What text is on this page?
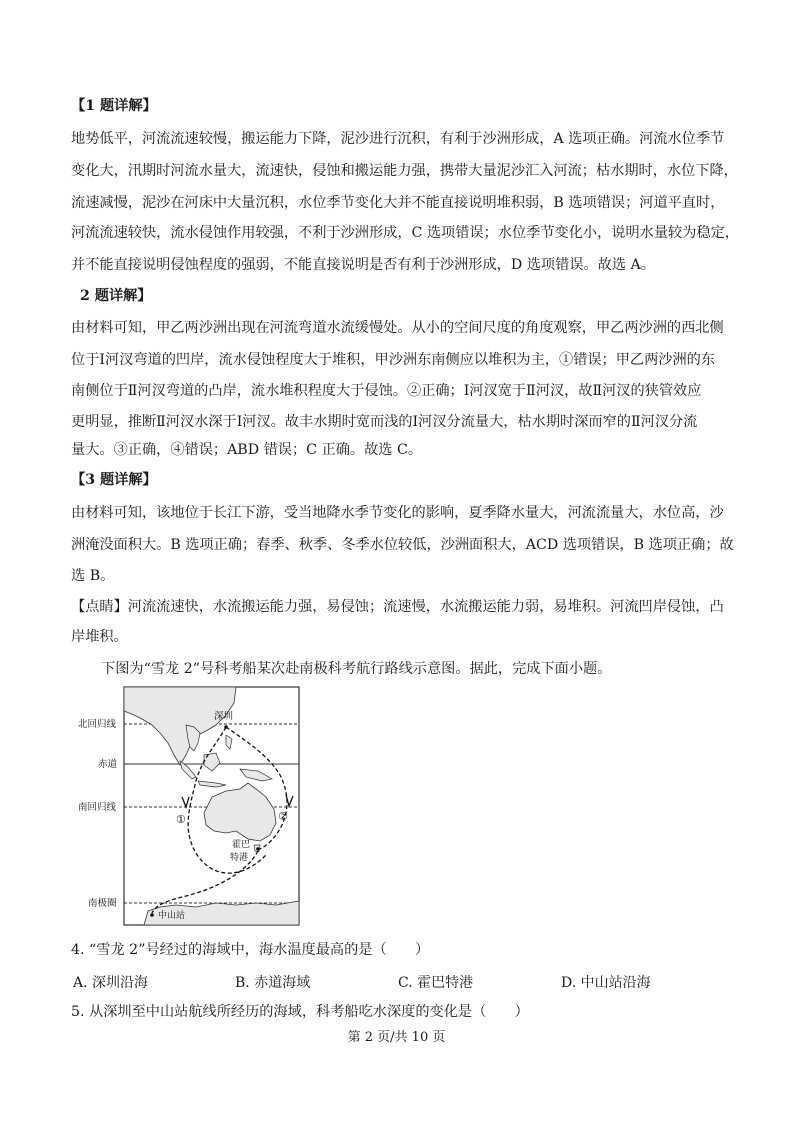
【1 题详解】
地势低平，河流流速较慢，搬运能力下降，泥沙进行沉积，有利于沙洲形成，A 选项正确。河流水位季节
变化大，汛期时河流水量大，流速快，侵蚀和搬运能力强，携带大量泥沙汇入河流；枯水期时，水位下降，
流速减慢，泥沙在河床中大量沉积，水位季节变化大并不能直接说明堆积弱，B 选项错误；河道平直时，
河流流速较快，流水侵蚀作用较强，不利于沙洲形成，C 选项错误；水位季节变化小，说明水量较为稳定，
并不能直接说明侵蚀程度的强弱，不能直接说明是否有利于沙洲形成，D 选项错误。故选 A。
2 题详解】
由材料可知，甲乙两沙洲出现在河流弯道水流缓慢处。从小的空间尺度的角度观察，甲乙两沙洲的西北侧
位于Ⅰ河汊弯道的凹岸，流水侵蚀程度大于堆积，甲沙洲东南侧应以堆积为主，①错误；甲乙两沙洲的东
南侧位于Ⅱ河汊弯道的凸岸，流水堆积程度大于侵蚀。②正确；Ⅰ河汊宽于Ⅱ河汊，故Ⅱ河汊的狭管效应
更明显，推断Ⅱ河汊水深于Ⅰ河汊。故丰水期时宽而浅的Ⅰ河汊分流量大，枯水期时深而窄的Ⅱ河汊分流
量大。③正确，④错误；ABD 错误；C 正确。故选 C。
【3 题详解】
由材料可知，该地位于长江下游，受当地降水季节变化的影响，夏季降水量大，河流流量大，水位高，沙
洲淹没面积大。B 选项正确；春季、秋季、冬季水位较低，沙洲面积大，ACD 选项错误，B 选项正确；故
选 B。
【点睛】河流流速快，水流搬运能力强，易侵蚀；流速慢，水流搬运能力弱，易堆积。河流凹岸侵蚀，凸
岸堆积。
下图为“雪龙 2”号科考船某次赴南极科考航行路线示意图。据此，完成下面小题。
北回归线
赤道
南回归线
南极圈
深圳
霍巴
特港
中山站
①	②
4. “雪龙 2”号经过的海域中，海水温度最高的是（　　）
A. 深圳沿海	B. 赤道海域	C. 霍巴特港	D. 中山站沿海
5. 从深圳至中山站航线所经历的海域，科考船吃水深度的变化是（　　）
第 2 页/共 10 页
